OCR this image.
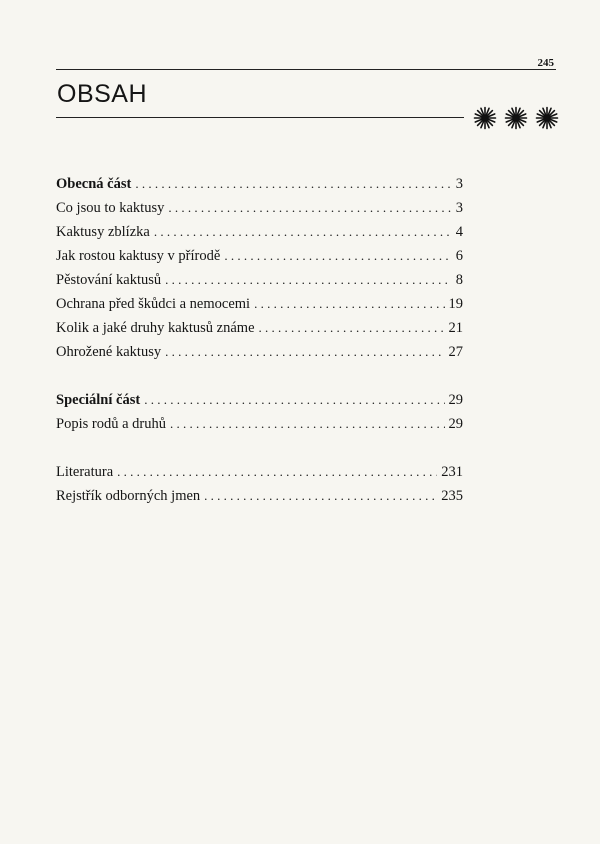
245
OBSAH
Obecná část . . .	3
Co jsou to kaktusy . . .	3
Kaktusy zblízka . . .	4
Jak rostou kaktusy v přírodě . . .	6
Pěstování kaktusů . . .	8
Ochrana před škůdci a nemocemi . . .	19
Kolik a jaké druhy kaktusů známe . . .	21
Ohrožené kaktusy . . .	27
Speciální část . . .	29
Popis rodů a druhů . . .	29
Literatura . . .	231
Rejstřík odborných jmen . . .	235
